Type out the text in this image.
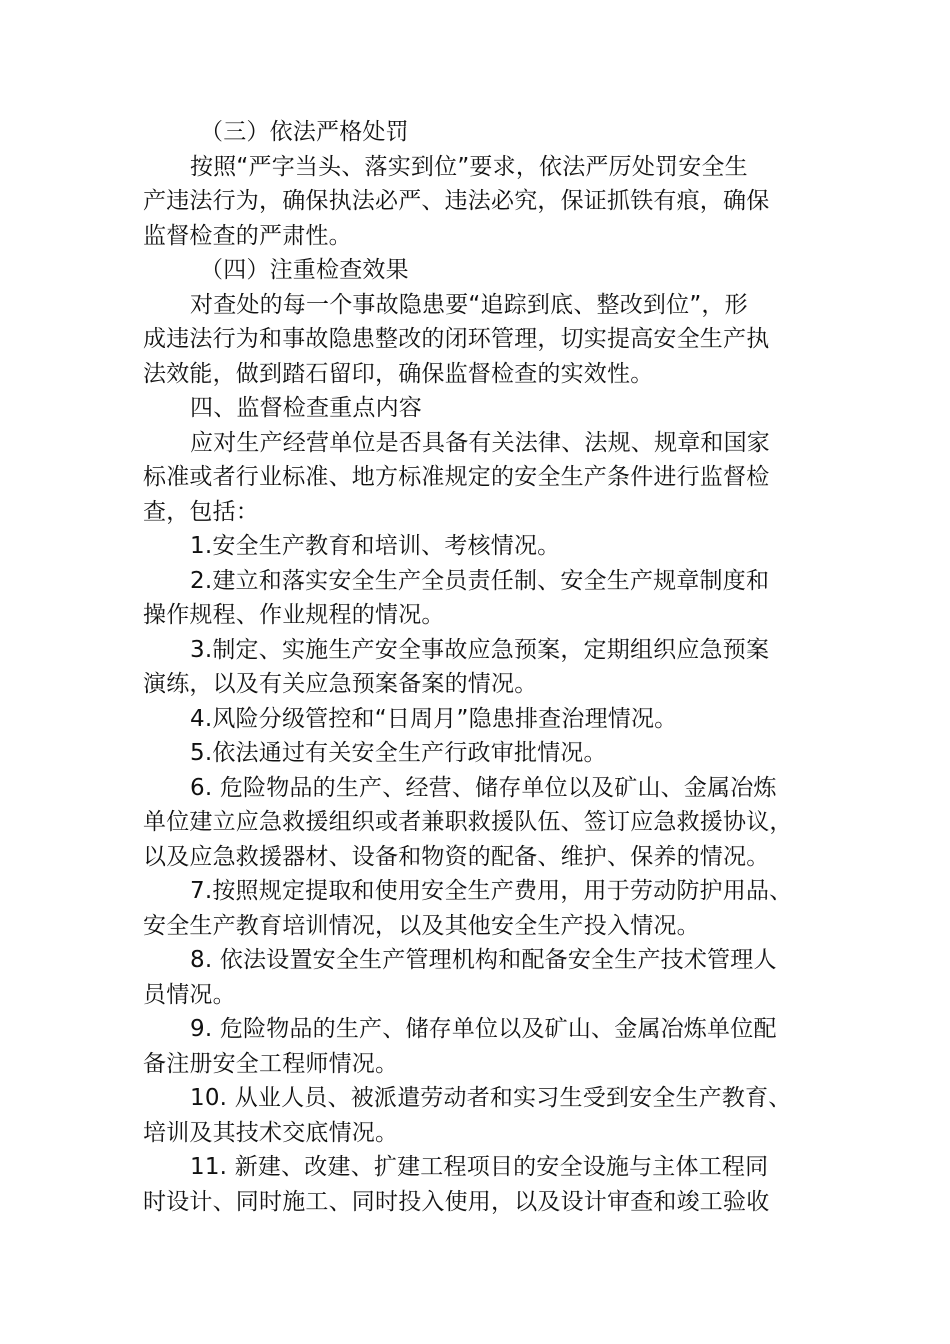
（三）依法严格处罚
按照“严字当头、落实到位”要求，依法严厉处罚安全生
产违法行为，确保执法必严、违法必究，保证抓铁有痕，确保
监督检查的严肃性。
（四）注重检查效果
对查处的每一个事故隐患要“追踪到底、整改到位”，形
成违法行为和事故隐患整改的闭环管理，切实提高安全生产执
法效能，做到踏石留印，确保监督检查的实效性。
四、监督检查重点内容
应对生产经营单位是否具备有关法律、法规、规章和国家
标准或者行业标准、地方标准规定的安全生产条件进行监督检
查，包括：
1.安全生产教育和培训、考核情况。
2.建立和落实安全生产全员责任制、安全生产规章制度和
操作规程、作业规程的情况。
3.制定、实施生产安全事故应急预案，定期组织应急预案
演练，以及有关应急预案备案的情况。
4.风险分级管控和“日周月”隐患排查治理情况。
5.依法通过有关安全生产行政审批情况。
6. 危险物品的生产、经营、储存单位以及矿山、金属冶炼
单位建立应急救援组织或者兼职救援队伍、签订应急救援协议，
以及应急救援器材、设备和物资的配备、维护、保养的情况。
7.按照规定提取和使用安全生产费用，用于劳动防护用品、
安全生产教育培训情况，以及其他安全生产投入情况。
8. 依法设置安全生产管理机构和配备安全生产技术管理人
员情况。
9. 危险物品的生产、储存单位以及矿山、金属冶炼单位配
备注册安全工程师情况。
10. 从业人员、被派遣劳动者和实习生受到安全生产教育、
培训及其技术交底情况。
11. 新建、改建、扩建工程项目的安全设施与主体工程同
时设计、同时施工、同时投入使用，以及设计审查和竣工验收
